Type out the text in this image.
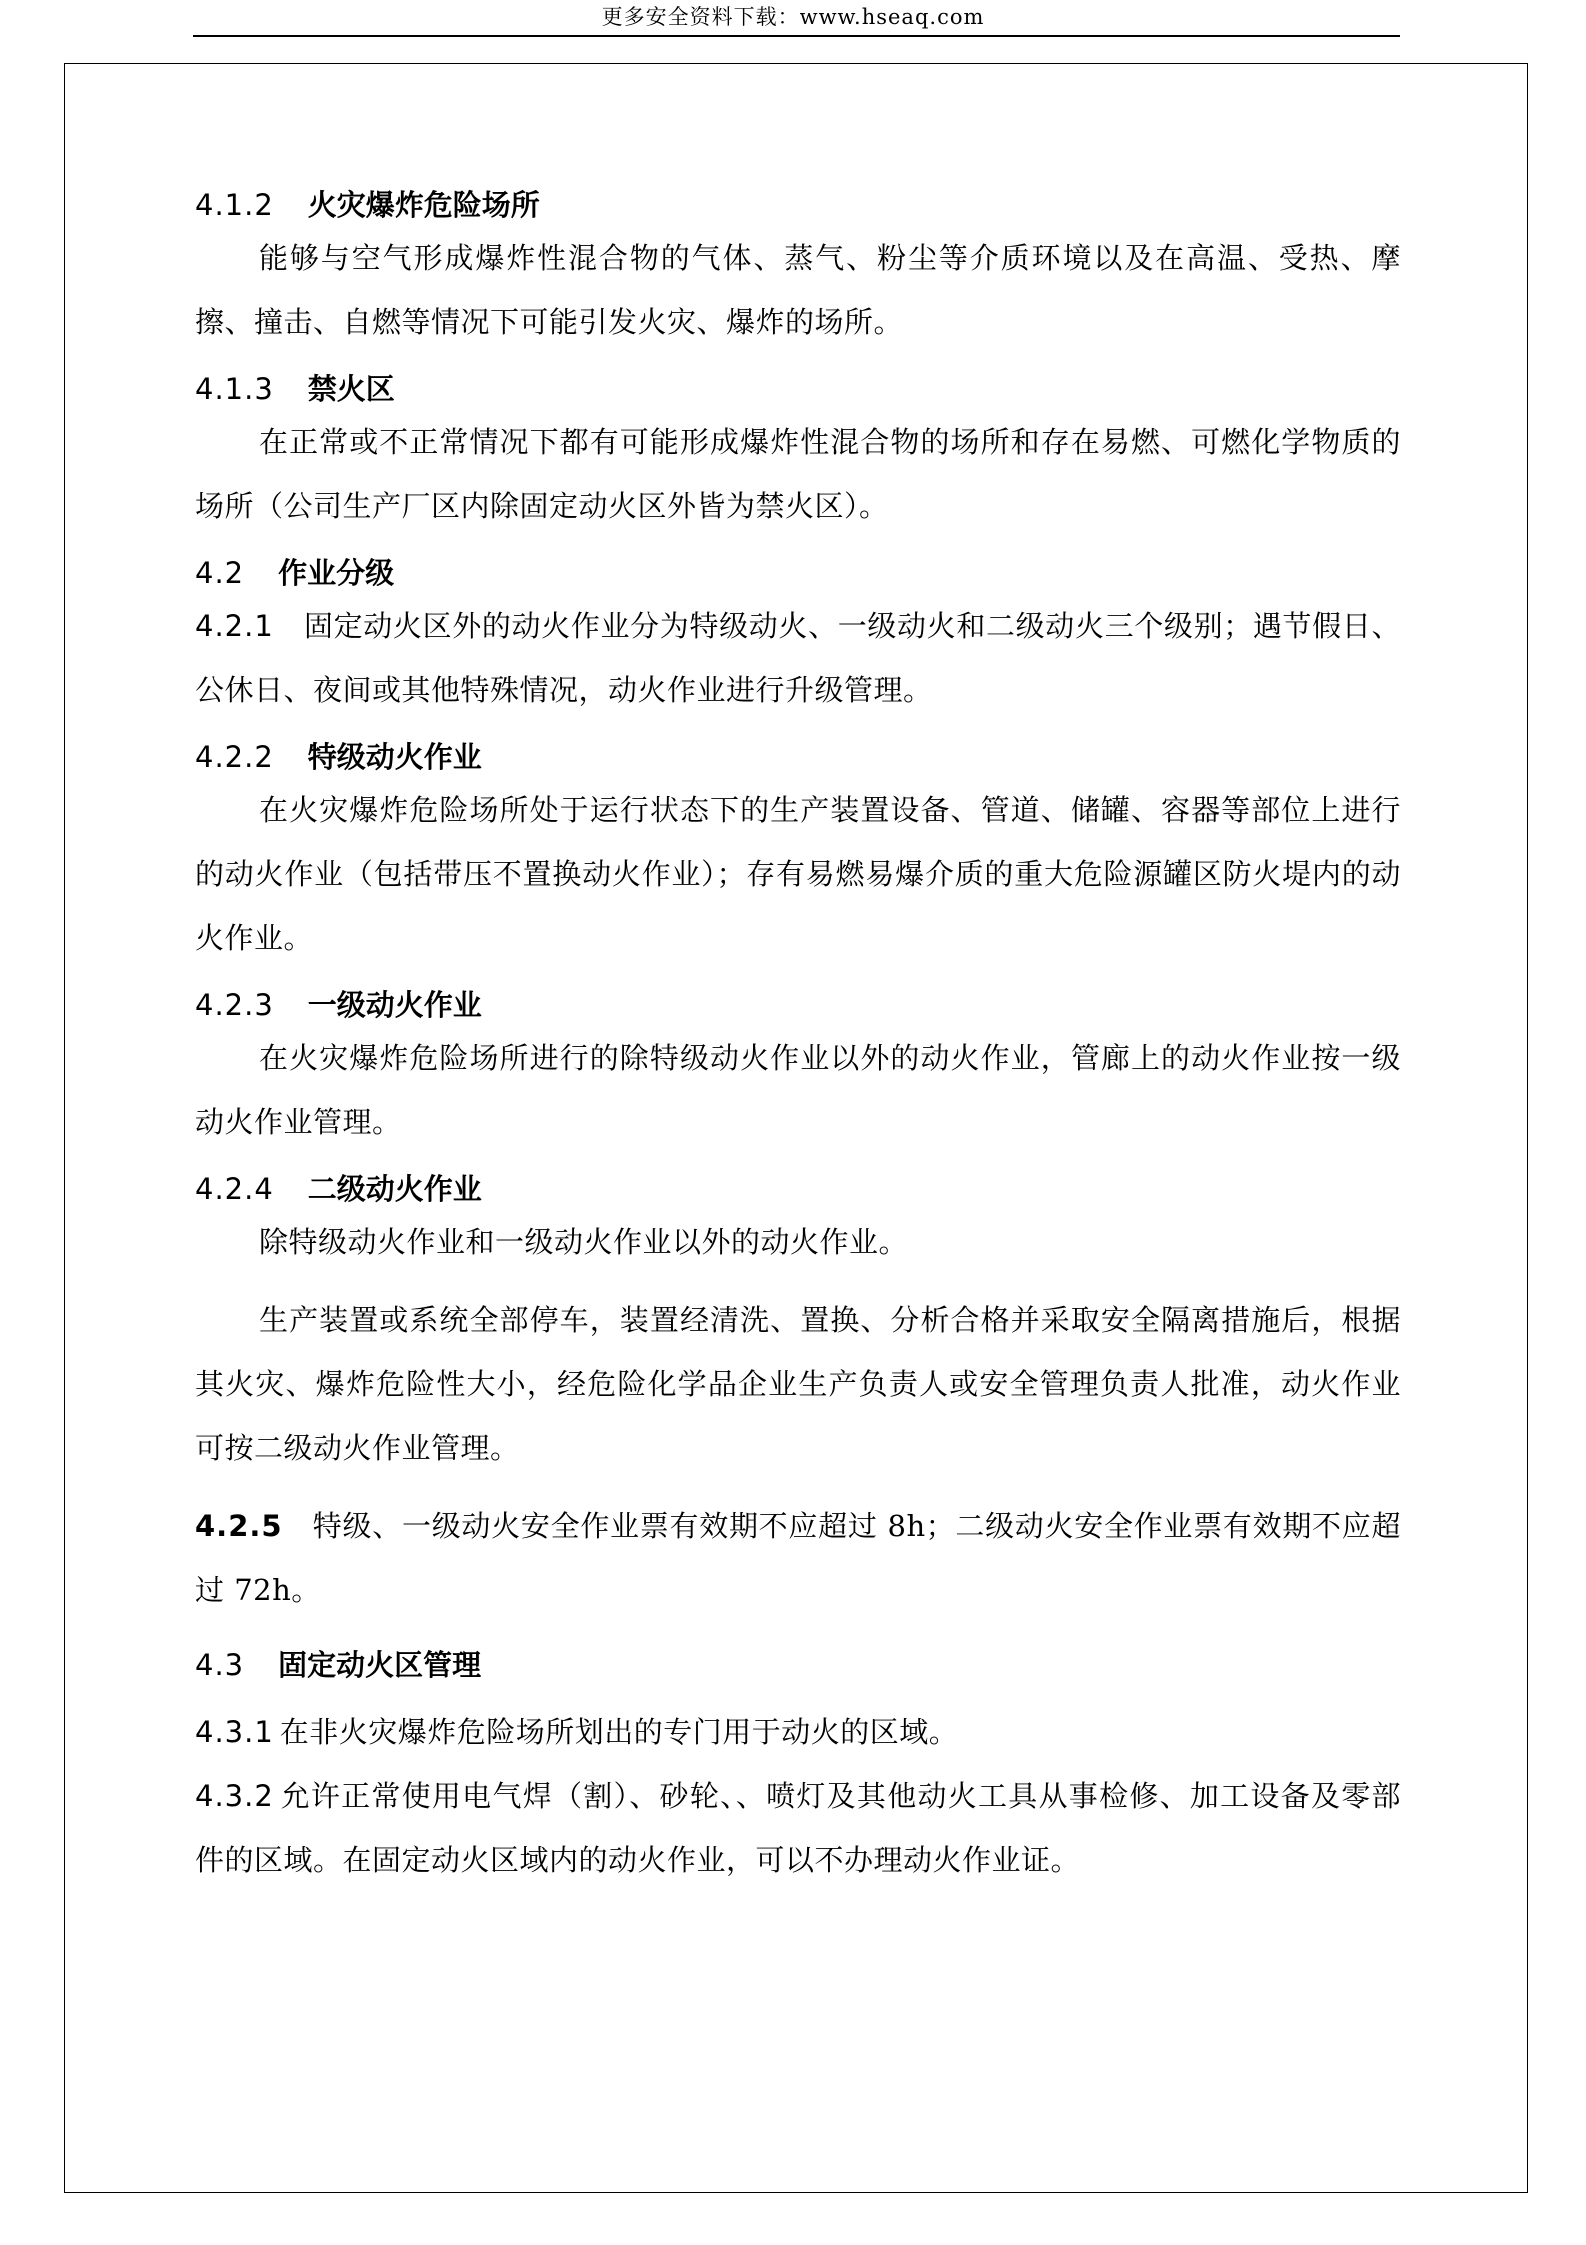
更多安全资料下载：www.hseaq.com
4.1.2 火灾爆炸危险场所

能够与空气形成爆炸性混合物的气体、蒸气、粉尘等介质环境以及在高温、受热、摩擦、撞击、自燃等情况下可能引发火灾、爆炸的场所。

4.1.3 禁火区

在正常或不正常情况下都有可能形成爆炸性混合物的场所和存在易燃、可燃化学物质的场所（公司生产厂区内除固定动火区外皆为禁火区）。

4.2 作业分级

4.2.1 固定动火区外的动火作业分为特级动火、一级动火和二级动火三个级别；遇节假日、公休日、夜间或其他特殊情况，动火作业进行升级管理。

4.2.2 特级动火作业

在火灾爆炸危险场所处于运行状态下的生产装置设备、管道、储罐、容器等部位上进行的动火作业（包括带压不置换动火作业）；存有易燃易爆介质的重大危险源罐区防火堤内的动火作业。

4.2.3 一级动火作业

在火灾爆炸危险场所进行的除特级动火作业以外的动火作业，管廊上的动火作业按一级动火作业管理。

4.2.4 二级动火作业

除特级动火作业和一级动火作业以外的动火作业。

生产装置或系统全部停车，装置经清洗、置换、分析合格并采取安全隔离措施后，根据其火灾、爆炸危险性大小，经危险化学品企业生产负责人或安全管理负责人批准，动火作业可按二级动火作业管理。

4.2.5 特级、一级动火安全作业票有效期不应超过 8h；二级动火安全作业票有效期不应超过 72h。

4.3 固定动火区管理

4.3.1 在非火灾爆炸危险场所划出的专门用于动火的区域。

4.3.2 允许正常使用电气焊（割）、砂轮、、喷灯及其他动火工具从事检修、加工设备及零部件的区域。在固定动火区域内的动火作业，可以不办理动火作业证。
